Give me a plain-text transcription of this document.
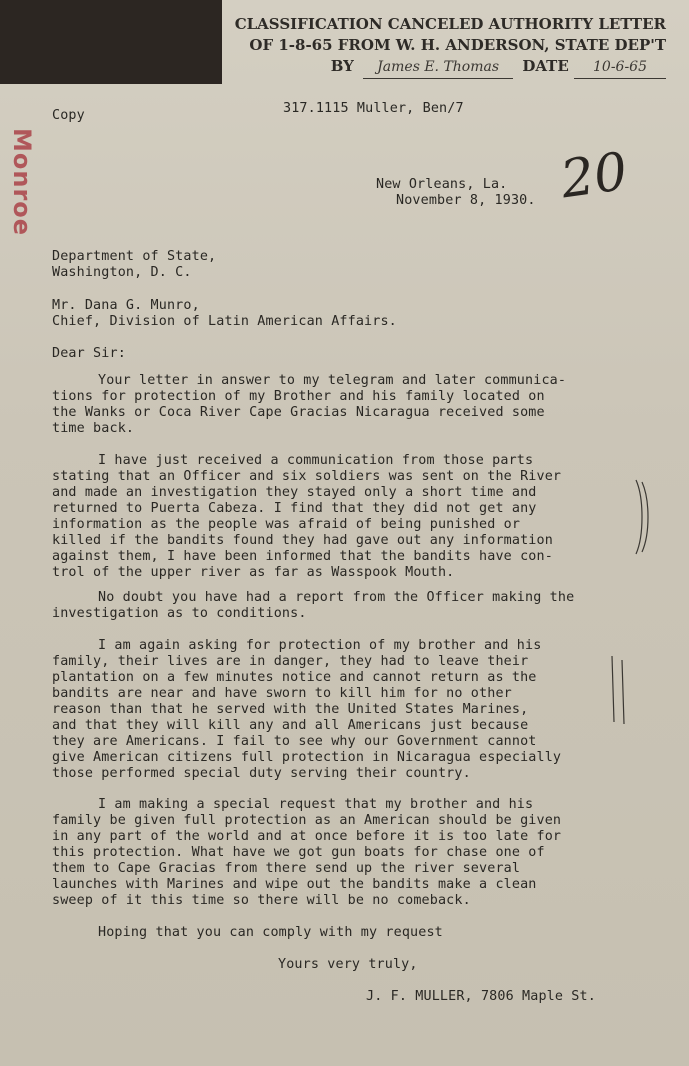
CLASSIFICATION CANCELED AUTHORITY LETTER
OF 1-8-65 FROM W. H. ANDERSON, STATE DEP'T
BY James E. Thomas DATE 10-6-65
Copy	317.1115 Muller, Ben/7
Monroe	20
New Orleans, La.
November 8, 1930.
Department of State,
Washington, D. C.
Mr. Dana G. Munro,
Chief, Division of Latin American Affairs.
Dear Sir:
Your letter in answer to my telegram and later communica-
tions for protection of my Brother and his family located on
the Wanks or Coca River Cape Gracias Nicaragua received some
time back.
I have just received a communication from those parts
stating that an Officer and six soldiers was sent on the River
and made an investigation they stayed only a short time and
returned to Puerta Cabeza. I find that they did not get any
information as the people was afraid of being punished or
killed if the bandits found they had gave out any information
against them, I have been informed that the bandits have con-
trol of the upper river as far as Wasspook Mouth.
No doubt you have had a report from the Officer making the
investigation as to conditions.
I am again asking for protection of my brother and his
family, their lives are in danger, they had to leave their
plantation on a few minutes notice and cannot return as the
bandits are near and have sworn to kill him for no other
reason than that he served with the United States Marines,
and that they will kill any and all Americans just because
they are Americans. I fail to see why our Government cannot
give American citizens full protection in Nicaragua especially
those performed special duty serving their country.
I am making a special request that my brother and his
family be given full protection as an American should be given
in any part of the world and at once before it is too late for
this protection. What have we got gun boats for chase one of
them to Cape Gracias from there send up the river several
launches with Marines and wipe out the bandits make a clean
sweep of it this time so there will be no comeback.
Hoping that you can comply with my request
Yours very truly,
J. F. MULLER, 7806 Maple St.
